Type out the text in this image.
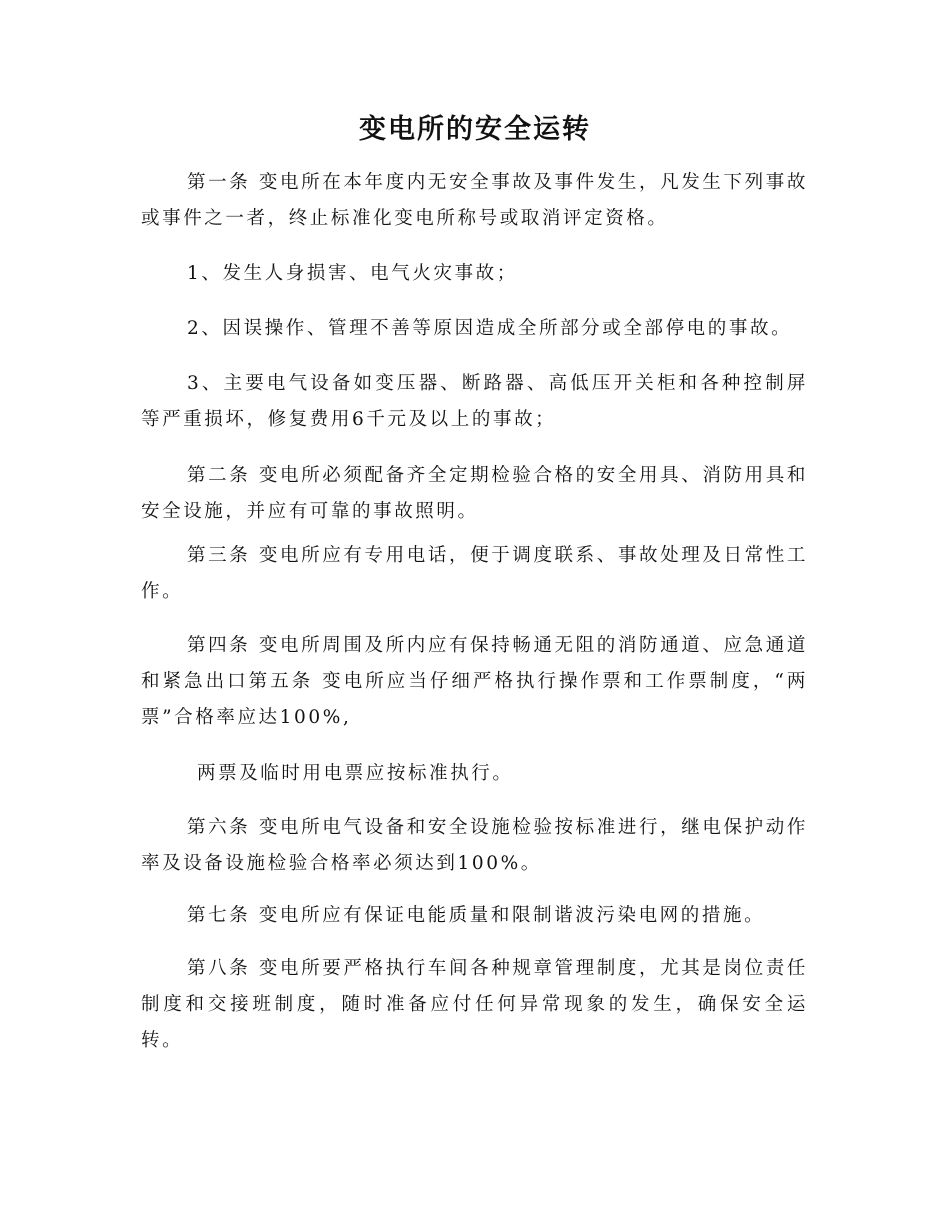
变电所的安全运转
第一条 变电所在本年度内无安全事故及事件发生，凡发生下列事故或事件之一者，终止标准化变电所称号或取消评定资格。
1、发生人身损害、电气火灾事故；
2、因误操作、管理不善等原因造成全所部分或全部停电的事故。
3、主要电气设备如变压器、断路器、高低压开关柜和各种控制屏等严重损坏，修复费用6千元及以上的事故；
第二条 变电所必须配备齐全定期检验合格的安全用具、消防用具和安全设施，并应有可靠的事故照明。
第三条 变电所应有专用电话，便于调度联系、事故处理及日常性工作。
第四条 变电所周围及所内应有保持畅通无阻的消防通道、应急通道和紧急出口第五条 变电所应当仔细严格执行操作票和工作票制度，“两票”合格率应达100%,
两票及临时用电票应按标准执行。
第六条 变电所电气设备和安全设施检验按标准进行，继电保护动作率及设备设施检验合格率必须达到100%。
第七条 变电所应有保证电能质量和限制谐波污染电网的措施。
第八条 变电所要严格执行车间各种规章管理制度，尤其是岗位责任制度和交接班制度，随时准备应付任何异常现象的发生，确保安全运转。
